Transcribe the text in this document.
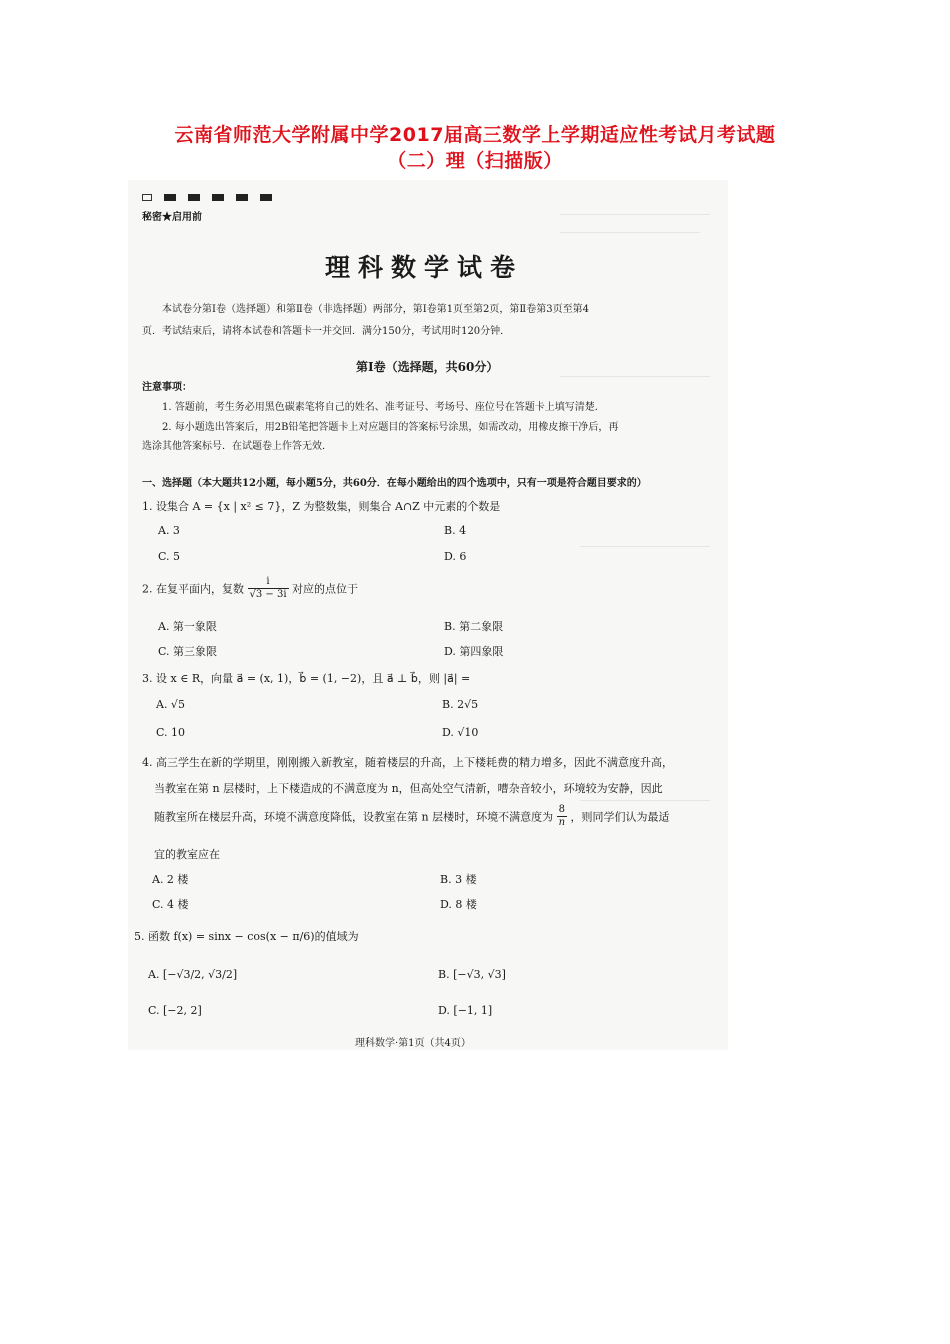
云南省师范大学附属中学2017届高三数学上学期适应性考试月考试题
（二）理（扫描版）
秘密★启用前
理科数学试卷
本试卷分第Ⅰ卷（选择题）和第Ⅱ卷（非选择题）两部分，第Ⅰ卷第1页至第2页，第Ⅱ卷第3页至第4
页．考试结束后，请将本试卷和答题卡一并交回．满分150分，考试用时120分钟．
第Ⅰ卷（选择题，共60分）
注意事项：
1. 答题前，考生务必用黑色碳素笔将自己的姓名、准考证号、考场号、座位号在答题卡上填写清楚．
2. 每小题选出答案后，用2B铅笔把答题卡上对应题目的答案标号涂黑，如需改动，用橡皮擦干净后，再
选涂其他答案标号．在试题卷上作答无效．
一、选择题（本大题共12小题，每小题5分，共60分．在每小题给出的四个选项中，只有一项是符合题目要求的）
1. 设集合 A = {x | x² ≤ 7}，Z 为整数集，则集合 A∩Z 中元素的个数是
A. 3	B. 4
C. 5	D. 6
2. 在复平面内，复数 $\frac{i}{√3 - 3i}$ 对应的点位于
A. 第一象限	B. 第二象限
C. 第三象限	D. 第四象限
3. 设 x ∈ R，向量 a⃗ = (x, 1)，b⃗ = (1, −2)，且 a⃗ ⊥ b⃗，则 |a⃗| =
A. √5	B. 2√5
C. 10	D. √10
4. 高三学生在新的学期里，刚刚搬入新教室，随着楼层的升高，上下楼耗费的精力增多，因此不满意度升高，
当教室在第 n 层楼时，上下楼造成的不满意度为 n，但高处空气清新，嘈杂音较小，环境较为安静，因此
随教室所在楼层升高，环境不满意度降低，设教室在第 n 层楼时，环境不满意度为 $\frac{8}{n}$ ，则同学们认为最适
宜的教室应在
A. 2 楼	B. 3 楼
C. 4 楼	D. 8 楼
5. 函数 f(x) = sinx − cos(x − π/6)的值域为
A. [−√3/2, √3/2]	B. [−√3, √3]
C. [−2, 2]	D. [−1, 1]
理科数学·第1页（共4页）
